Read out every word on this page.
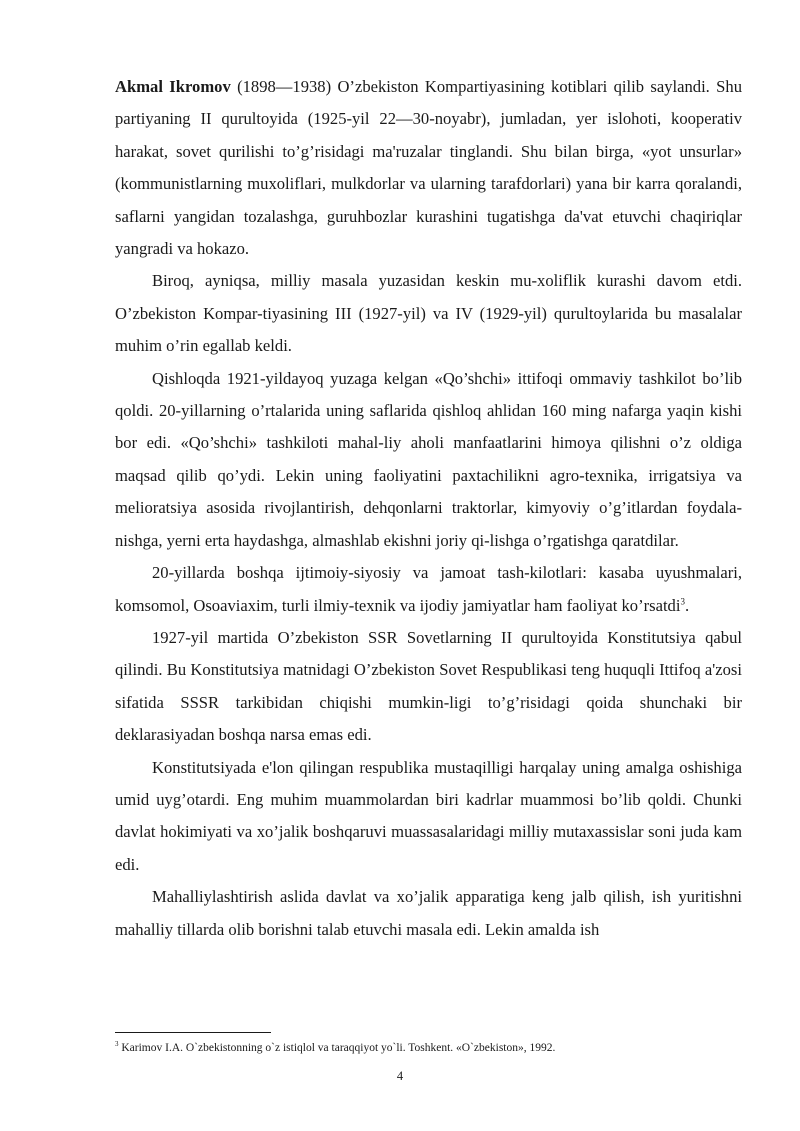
Akmal Ikromov (1898—1938) O’zbekiston Kompartiyasining kotiblari qilib saylandi. Shu partiyaning II qurultoyida (1925-yil 22—30-noyabr), jumladan, yer islohoti, kooperativ harakat, sovet qurilishi to’g’risidagi ma'ruzalar tinglandi. Shu bilan birga, «yot unsurlar» (kommunistlarning muxoliflari, mulkdorlar va ularning tarafdorlari) yana bir karra qoralandi, saflarni yangidan tozalashga, guruhbozlar kurashini tugatishga da'vat etuvchi chaqiriqlar yangradi va hokazo.

Biroq, ayniqsa, milliy masala yuzasidan keskin mu-xoliflik kurashi davom etdi. O’zbekiston Kompar-tiyasining III (1927-yil) va IV (1929-yil) qurultoylarida bu masalalar muhim o’rin egallab keldi.

Qishloqda 1921-yildayoq yuzaga kelgan «Qo’shchi» ittifoqi ommaviy tashkilot bo’lib qoldi. 20-yillarning o’rtalarida uning saflarida qishloq ahlidan 160 ming nafarga yaqin kishi bor edi. «Qo’shchi» tashkiloti mahal-liy aholi manfaatlarini himoya qilishni o’z oldiga maqsad qilib qo’ydi. Lekin uning faoliyatini paxtachilikni agro-texnika, irrigatsiya va melioratsiya asosida rivojlantirish, dehqonlarni traktorlar, kimyoviy o’g’itlardan foydala-nishga, yerni erta haydashga, almashlab ekishni joriy qi-lishga o’rgatishga qaratdilar.

20-yillarda boshqa ijtimoiy-siyosiy va jamoat tash-kilotlari: kasaba uyushmalari, komsomol, Osoaviaxim, turli ilmiy-texnik va ijodiy jamiyatlar ham faoliyat ko’rsatdi$^3$.

1927-yil martida O’zbekiston SSR Sovetlarning II qurultoyida Konstitutsiya qabul qilindi. Bu Konstitutsiya matnidagi O’zbekiston Sovet Respublikasi teng huquqli Ittifoq a'zosi sifatida SSSR tarkibidan chiqishi mumkin-ligi to’g’risidagi qoida shunchaki bir deklarasiyadan boshqa narsa emas edi.

Konstitutsiyada e'lon qilingan respublika mustaqilligi harqalay uning amalga oshishiga umid uyg’otardi. Eng muhim muammolardan biri kadrlar muammosi bo’lib qoldi. Chunki davlat hokimiyati va xo’jalik boshqaruvi muassasalaridagi milliy mutaxassislar soni juda kam edi.

Mahalliylashtirish aslida davlat va xo’jalik apparatiga keng jalb qilish, ish yuritishni mahalliy tillarda olib borishni talab etuvchi masala edi. Lekin amalda ish

$^3$ Karimov I.A. O`zbekistonning o`z istiqlol va taraqqiyot yo`li. Toshkent. «O`zbekiston», 1992.

4
